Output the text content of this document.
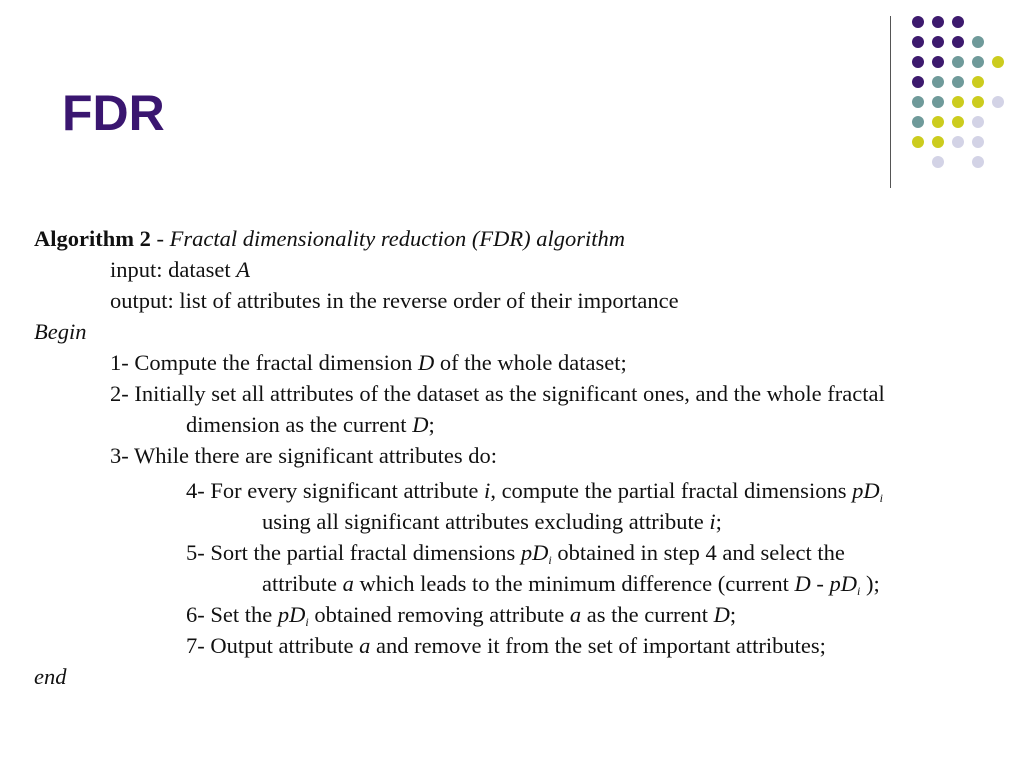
FDR
Algorithm 2 - Fractal dimensionality reduction (FDR) algorithm
input: dataset A
output: list of attributes in the reverse order of their importance
Begin
1- Compute the fractal dimension D of the whole dataset;
2- Initially set all attributes of the dataset as the significant ones, and the whole fractal
dimension as the current D;
3- While there are significant attributes do:
4- For every significant attribute i, compute the partial fractal dimensions $pD_i$
using all significant attributes excluding attribute i;
5- Sort the partial fractal dimensions $pD_i$ obtained in step 4 and select the
attribute a which leads to the minimum difference (current D - $pD_i$ );
6- Set the $pD_i$ obtained removing attribute a as the current D;
7- Output attribute a and remove it from the set of important attributes;
end
